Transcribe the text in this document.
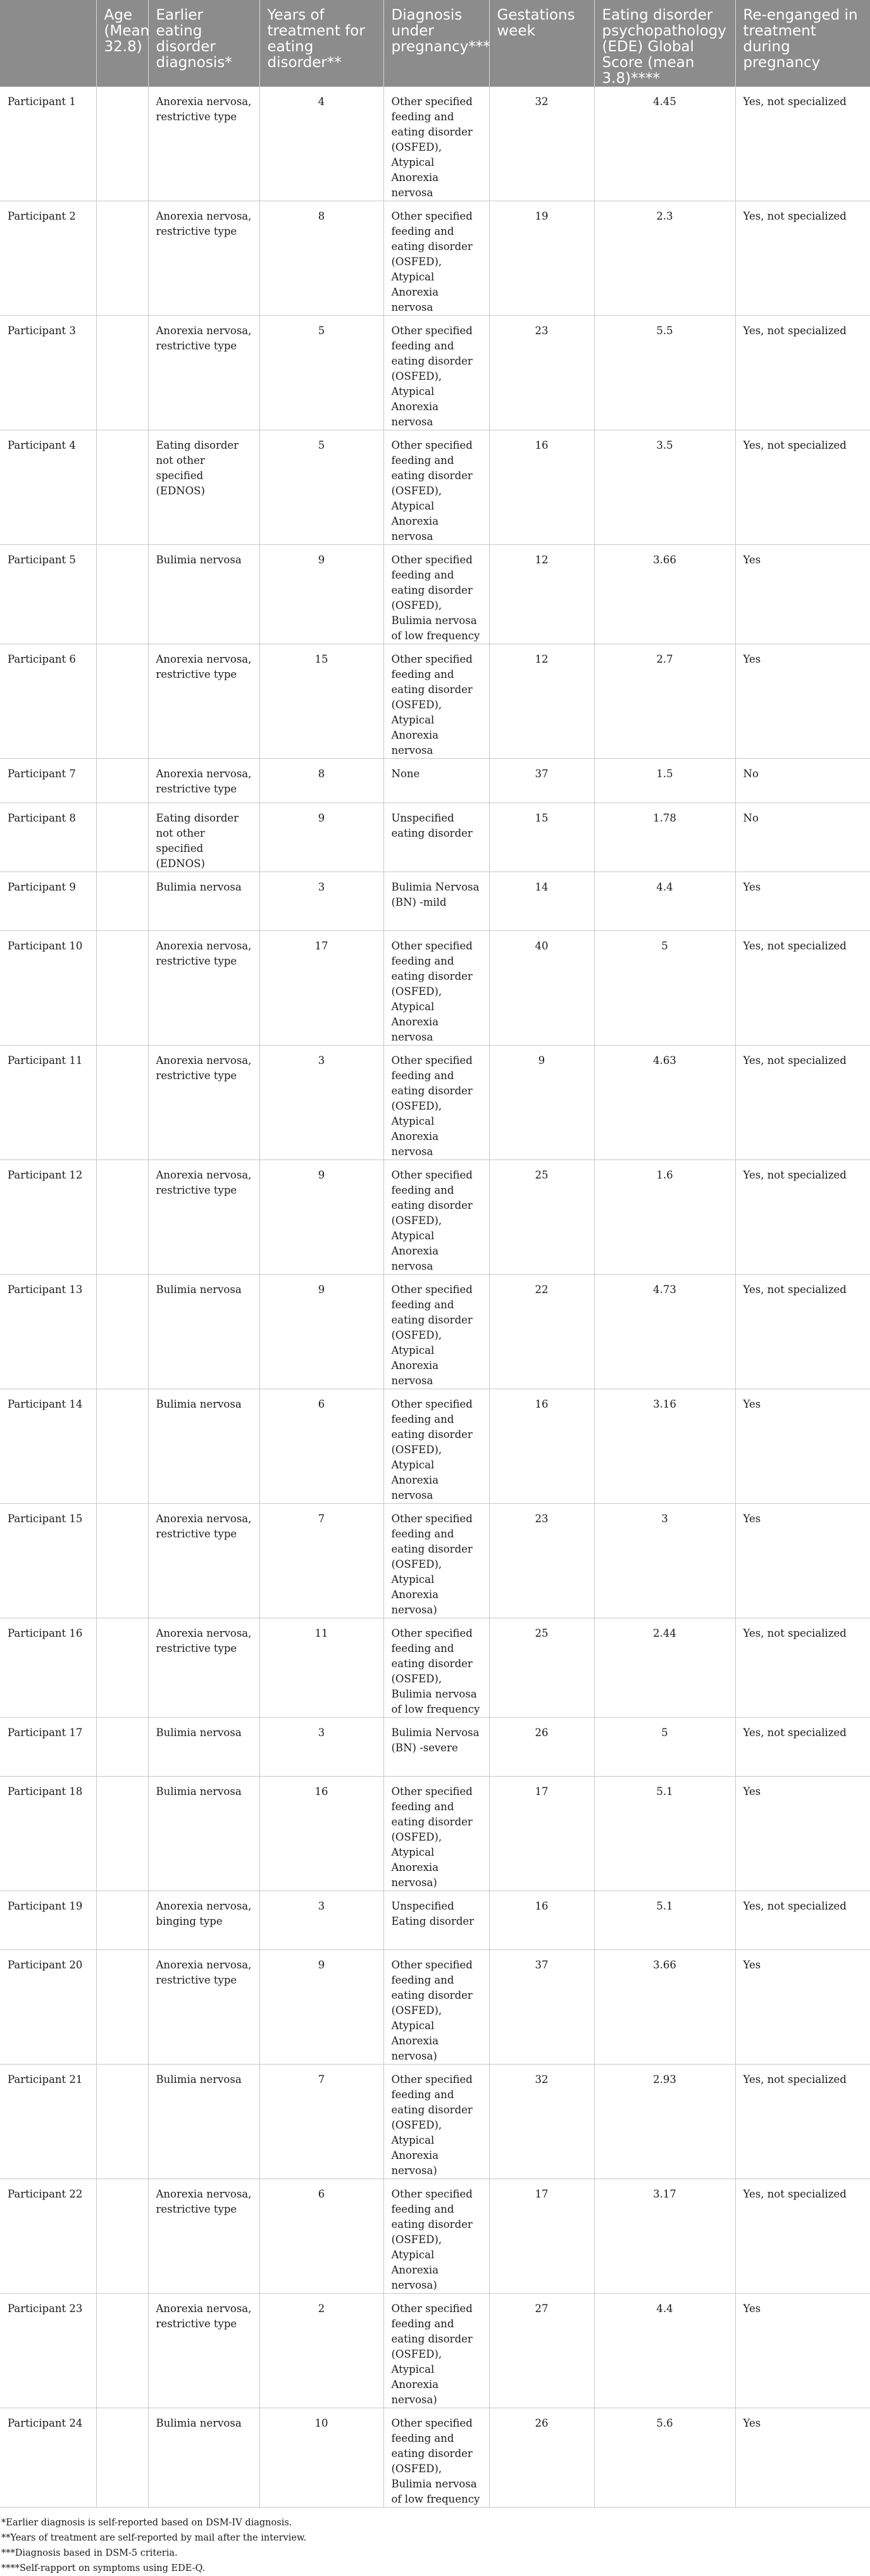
	Age (Mean 32.8)	Earlier eating disorder diagnosis*	Years of treatment for eating disorder**	Diagnosis under pregnancy***	Gestations week	Eating disorder psychopathology (EDE) Global Score (mean 3.8)****	Re-enganged in treatment during pregnancy
Participant 1		Anorexia nervosa, restrictive type	4	Other specified feeding and eating disorder (OSFED), Atypical Anorexia nervosa	32	4.45	Yes, not specialized
Participant 2		Anorexia nervosa, restrictive type	8	Other specified feeding and eating disorder (OSFED), Atypical Anorexia nervosa	19	2.3	Yes, not specialized
Participant 3		Anorexia nervosa, restrictive type	5	Other specified feeding and eating disorder (OSFED), Atypical Anorexia nervosa	23	5.5	Yes, not specialized
Participant 4		Eating disorder not other specified (EDNOS)	5	Other specified feeding and eating disorder (OSFED), Atypical Anorexia nervosa	16	3.5	Yes, not specialized
Participant 5		Bulimia nervosa	9	Other specified feeding and eating disorder (OSFED), Bulimia nervosa of low frequency	12	3.66	Yes
Participant 6		Anorexia nervosa, restrictive type	15	Other specified feeding and eating disorder (OSFED), Atypical Anorexia nervosa	12	2.7	Yes
Participant 7		Anorexia nervosa, restrictive type	8	None	37	1.5	No
Participant 8		Eating disorder not other specified (EDNOS)	9	Unspecified eating disorder	15	1.78	No
Participant 9		Bulimia nervosa	3	Bulimia Nervosa (BN) -mild	14	4.4	Yes
Participant 10		Anorexia nervosa, restrictive type	17	Other specified feeding and eating disorder (OSFED), Atypical Anorexia nervosa	40	5	Yes, not specialized
Participant 11		Anorexia nervosa, restrictive type	3	Other specified feeding and eating disorder (OSFED), Atypical Anorexia nervosa	9	4.63	Yes, not specialized
Participant 12		Anorexia nervosa, restrictive type	9	Other specified feeding and eating disorder (OSFED), Atypical Anorexia nervosa	25	1.6	Yes, not specialized
Participant 13		Bulimia nervosa	9	Other specified feeding and eating disorder (OSFED), Atypical Anorexia nervosa	22	4.73	Yes, not specialized
Participant 14		Bulimia nervosa	6	Other specified feeding and eating disorder (OSFED), Atypical Anorexia nervosa	16	3.16	Yes
Participant 15		Anorexia nervosa, restrictive type	7	Other specified feeding and eating disorder (OSFED), Atypical Anorexia nervosa)	23	3	Yes
Participant 16		Anorexia nervosa, restrictive type	11	Other specified feeding and eating disorder (OSFED), Bulimia nervosa of low frequency	25	2.44	Yes, not specialized
Participant 17		Bulimia nervosa	3	Bulimia Nervosa (BN) -severe	26	5	Yes, not specialized
Participant 18		Bulimia nervosa	16	Other specified feeding and eating disorder (OSFED), Atypical Anorexia nervosa)	17	5.1	Yes
Participant 19		Anorexia nervosa, binging type	3	Unspecified Eating disorder	16	5.1	Yes, not specialized
Participant 20		Anorexia nervosa, restrictive type	9	Other specified feeding and eating disorder (OSFED), Atypical Anorexia nervosa)	37	3.66	Yes
Participant 21		Bulimia nervosa	7	Other specified feeding and eating disorder (OSFED), Atypical Anorexia nervosa)	32	2.93	Yes, not specialized
Participant 22		Anorexia nervosa, restrictive type	6	Other specified feeding and eating disorder (OSFED), Atypical Anorexia nervosa)	17	3.17	Yes, not specialized
Participant 23		Anorexia nervosa, restrictive type	2	Other specified feeding and eating disorder (OSFED), Atypical Anorexia nervosa)	27	4.4	Yes
Participant 24		Bulimia nervosa	10	Other specified feeding and eating disorder (OSFED), Bulimia nervosa of low frequency	26	5.6	Yes
*Earlier diagnosis is self-reported based on DSM-IV diagnosis.
**Years of treatment are self-reported by mail after the interview.
***Diagnosis based in DSM-5 criteria.
****Self-rapport on symptoms using EDE-Q.
